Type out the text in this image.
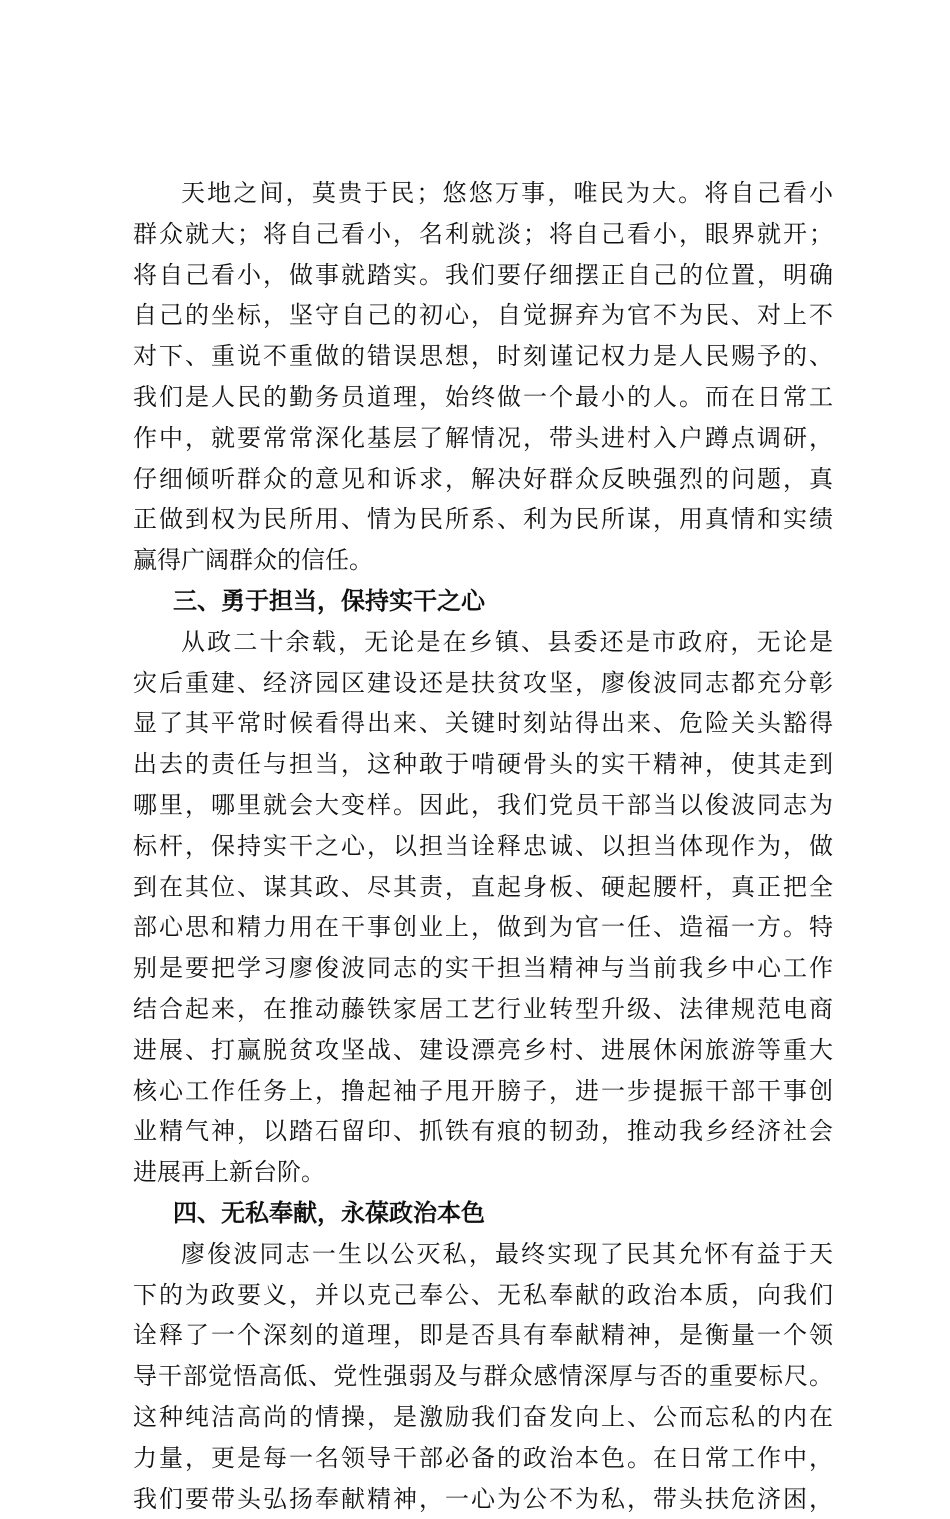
天地之间，莫贵于民；悠悠万事，唯民为大。将自己看小
群众就大；将自己看小，名利就淡；将自己看小，眼界就开；
将自己看小，做事就踏实。我们要仔细摆正自己的位置，明确
自己的坐标，坚守自己的初心，自觉摒弃为官不为民、对上不
对下、重说不重做的错误思想，时刻谨记权力是人民赐予的、
我们是人民的勤务员道理，始终做一个最小的人。而在日常工
作中，就要常常深化基层了解情况，带头进村入户蹲点调研，
仔细倾听群众的意见和诉求，解决好群众反映强烈的问题，真
正做到权为民所用、情为民所系、利为民所谋，用真情和实绩
赢得广阔群众的信任。
三、勇于担当，保持实干之心
从政二十余载，无论是在乡镇、县委还是市政府，无论是
灾后重建、经济园区建设还是扶贫攻坚，廖俊波同志都充分彰
显了其平常时候看得出来、关键时刻站得出来、危险关头豁得
出去的责任与担当，这种敢于啃硬骨头的实干精神，使其走到
哪里，哪里就会大变样。因此，我们党员干部当以俊波同志为
标杆，保持实干之心，以担当诠释忠诚、以担当体现作为，做
到在其位、谋其政、尽其责，直起身板、硬起腰杆，真正把全
部心思和精力用在干事创业上，做到为官一任、造福一方。特
别是要把学习廖俊波同志的实干担当精神与当前我乡中心工作
结合起来，在推动藤铁家居工艺行业转型升级、法律规范电商
进展、打赢脱贫攻坚战、建设漂亮乡村、进展休闲旅游等重大
核心工作任务上，撸起袖子甩开膀子，进一步提振干部干事创
业精气神，以踏石留印、抓铁有痕的韧劲，推动我乡经济社会
进展再上新台阶。
四、无私奉献，永葆政治本色
廖俊波同志一生以公灭私，最终实现了民其允怀有益于天
下的为政要义，并以克己奉公、无私奉献的政治本质，向我们
诠释了一个深刻的道理，即是否具有奉献精神，是衡量一个领
导干部觉悟高低、党性强弱及与群众感情深厚与否的重要标尺。
这种纯洁高尚的情操，是激励我们奋发向上、公而忘私的内在
力量，更是每一名领导干部必备的政治本色。在日常工作中，
我们要带头弘扬奉献精神，一心为公不为私，带头扶危济困，
